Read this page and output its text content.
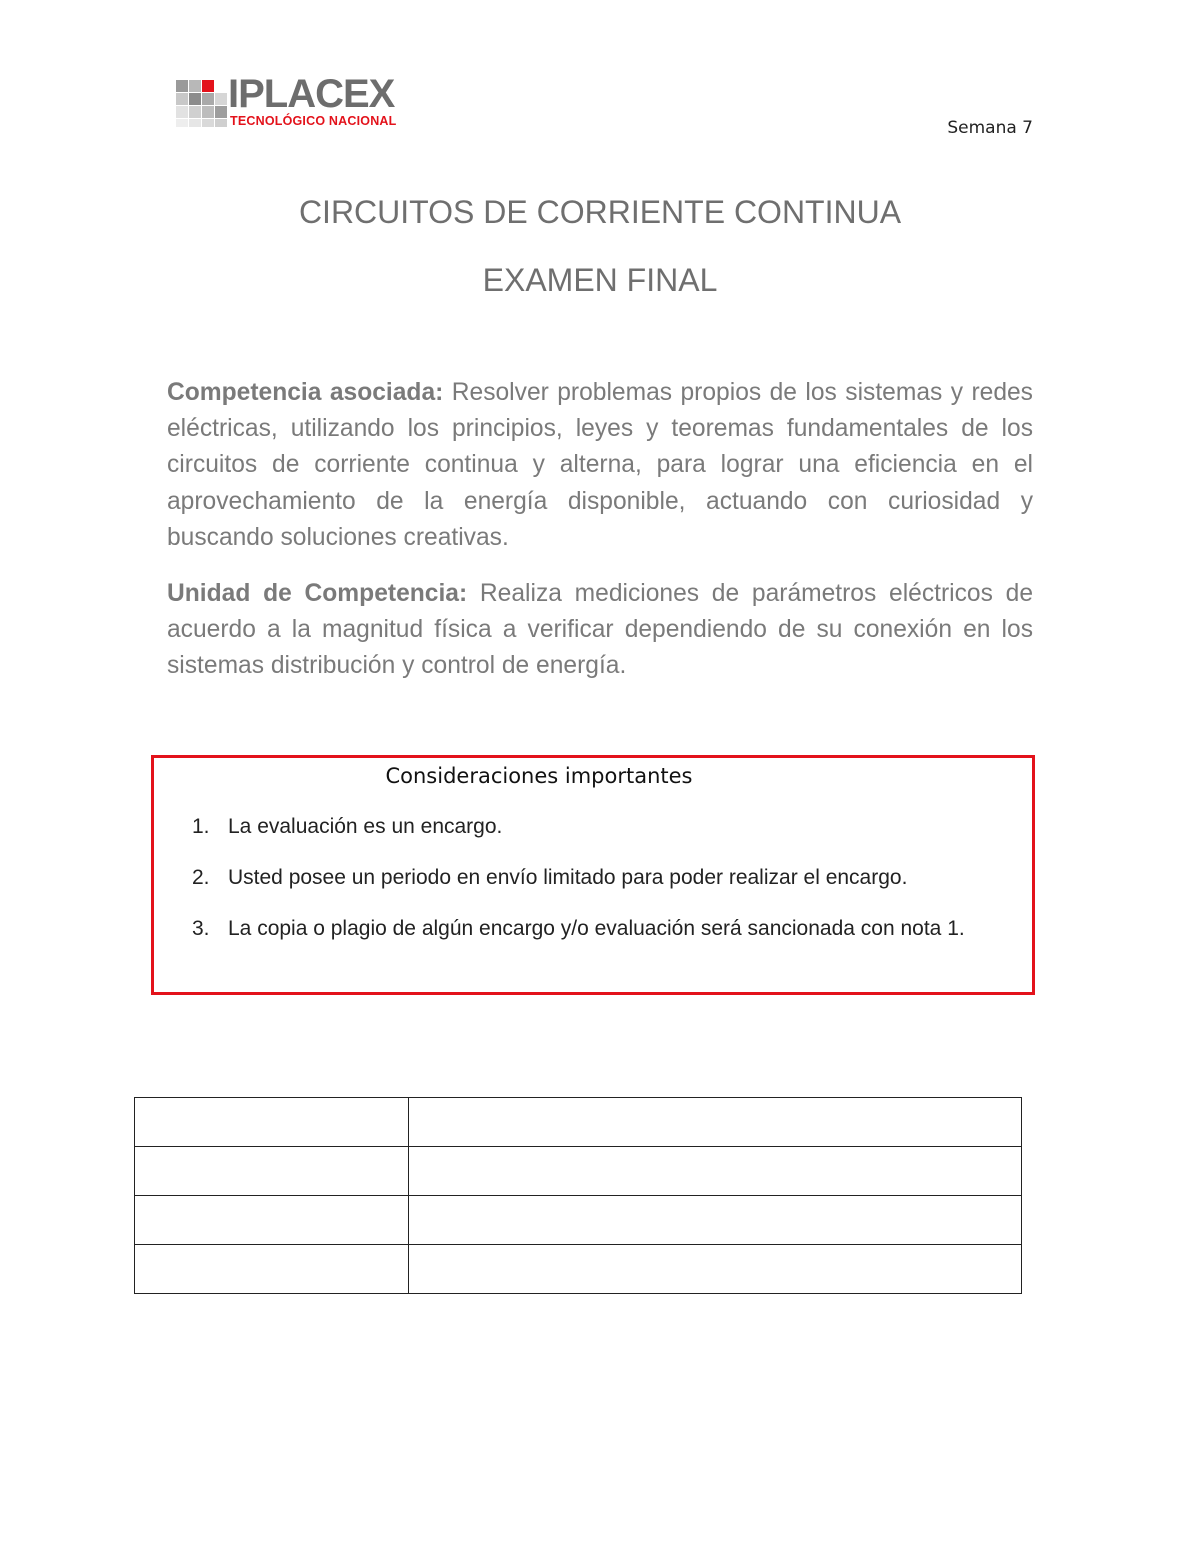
IPLACEX
TECNOLÓGICO NACIONAL	Semana 7
CIRCUITOS DE CORRIENTE CONTINUA
EXAMEN FINAL

Competencia asociada: Resolver problemas propios de los sistemas y redes eléctricas, utilizando los principios, leyes y teoremas fundamentales de los circuitos de corriente continua y alterna, para lograr una eficiencia en el aprovechamiento de la energía disponible, actuando con curiosidad y buscando soluciones creativas.

Unidad de Competencia: Realiza mediciones de parámetros eléctricos de acuerdo a la magnitud física a verificar dependiendo de su conexión en los sistemas distribución y control de energía.

Consideraciones importantes
1. La evaluación es un encargo.
2. Usted posee un periodo en envío limitado para poder realizar el encargo.
3. La copia o plagio de algún encargo y/o evaluación será sancionada con nota 1.
